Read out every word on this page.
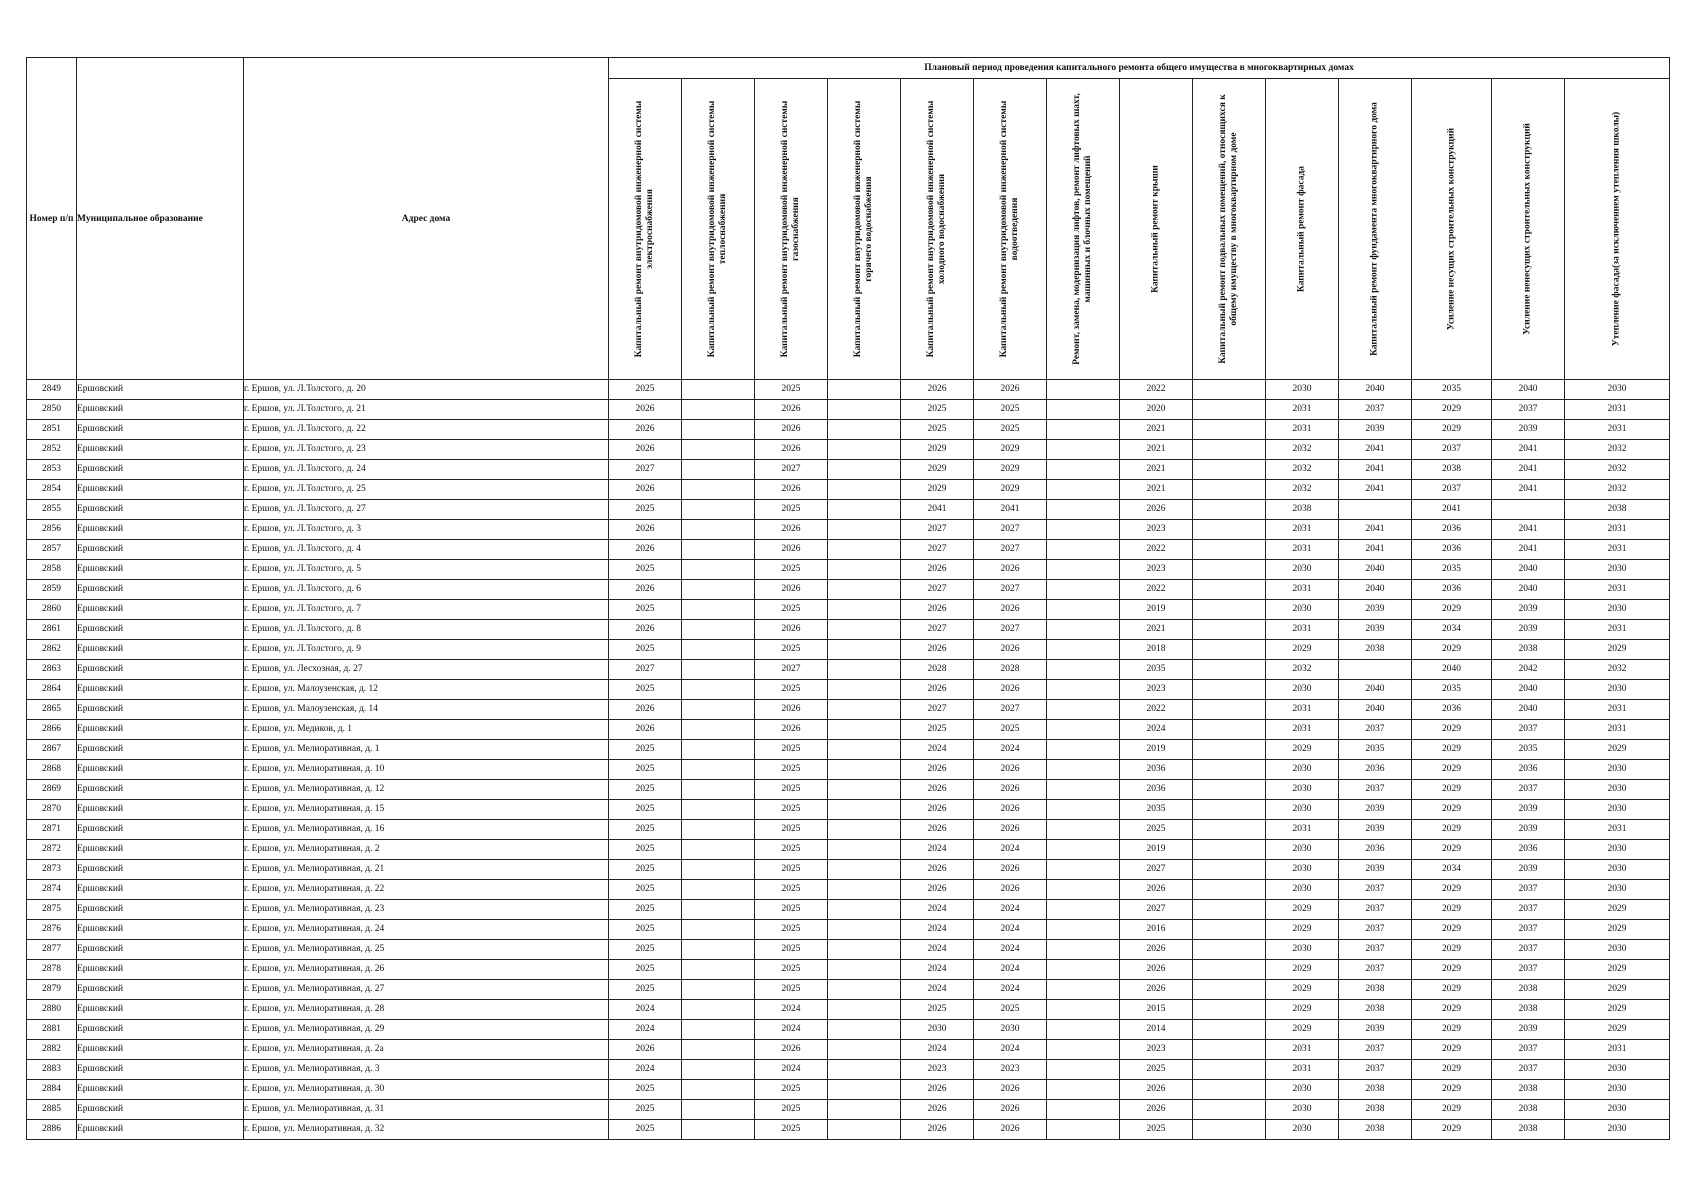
Номер п/п	Муниципальное образование	Адрес дома	Плановый период проведения капитального ремонта общего имущества в многоквартирных домах													

			Капитальный ремонт внутридомовой инженерной системы электроснабжения	Капитальный ремонт внутридомовой инженерной системы теплоснабжения	Капитальный ремонт внутридомовой инженерной системы газоснабжения	Капитальный ремонт внутридомовой инженерной системы горячего водоснабжения	Капитальный ремонт внутридомовой инженерной системы холодного водоснабжения	Капитальный ремонт внутридомовой инженерной системы водоотведения	Ремонт, замена, модернизация лифтов, ремонт лифтовых шахт, машинных и блочных помещений	Капитальный ремонт крыши	Капитальный ремонт подвальных помещений, относящихся к общему имуществу в многоквартирном доме	Капитальный ремонт фасада	Капитальный ремонт фундамента многоквартирного дома	Усиление несущих строительных конструкций	Усиление ненесущих строительных конструкций	Утепление фасада(за исключением утепления школы)

2849	Ершовский	г. Ершов, ул. Л.Толстого, д. 20	2025		2025		2026	2026		2022		2030	2040	2035	2040	2030
2850	Ершовский	г. Ершов, ул. Л.Толстого, д. 21	2026		2026		2025	2025		2020		2031	2037	2029	2037	2031
2851	Ершовский	г. Ершов, ул. Л.Толстого, д. 22	2026		2026		2025	2025		2021		2031	2039	2029	2039	2031
2852	Ершовский	г. Ершов, ул. Л.Толстого, д. 23	2026		2026		2029	2029		2021		2032	2041	2037	2041	2032
2853	Ершовский	г. Ершов, ул. Л.Толстого, д. 24	2027		2027		2029	2029		2021		2032	2041	2038	2041	2032
2854	Ершовский	г. Ершов, ул. Л.Толстого, д. 25	2026		2026		2029	2029		2021		2032	2041	2037	2041	2032
2855	Ершовский	г. Ершов, ул. Л.Толстого, д. 27	2025		2025		2041	2041		2026		2038		2041		2038
2856	Ершовский	г. Ершов, ул. Л.Толстого, д. 3	2026		2026		2027	2027		2023		2031	2041	2036	2041	2031
2857	Ершовский	г. Ершов, ул. Л.Толстого, д. 4	2026		2026		2027	2027		2022		2031	2041	2036	2041	2031
2858	Ершовский	г. Ершов, ул. Л.Толстого, д. 5	2025		2025		2026	2026		2023		2030	2040	2035	2040	2030
2859	Ершовский	г. Ершов, ул. Л.Толстого, д. 6	2026		2026		2027	2027		2022		2031	2040	2036	2040	2031
2860	Ершовский	г. Ершов, ул. Л.Толстого, д. 7	2025		2025		2026	2026		2019		2030	2039	2029	2039	2030
2861	Ершовский	г. Ершов, ул. Л.Толстого, д. 8	2026		2026		2027	2027		2021		2031	2039	2034	2039	2031
2862	Ершовский	г. Ершов, ул. Л.Толстого, д. 9	2025		2025		2026	2026		2018		2029	2038	2029	2038	2029
2863	Ершовский	г. Ершов, ул. Лесхозная, д. 27	2027		2027		2028	2028		2035		2032		2040	2042	2032
2864	Ершовский	г. Ершов, ул. Малоузенская, д. 12	2025		2025		2026	2026		2023		2030	2040	2035	2040	2030
2865	Ершовский	г. Ершов, ул. Малоузенская, д. 14	2026		2026		2027	2027		2022		2031	2040	2036	2040	2031
2866	Ершовский	г. Ершов, ул. Медиков, д. 1	2026		2026		2025	2025		2024		2031	2037	2029	2037	2031
2867	Ершовский	г. Ершов, ул. Мелиоративная, д. 1	2025		2025		2024	2024		2019		2029	2035	2029	2035	2029
2868	Ершовский	г. Ершов, ул. Мелиоративная, д. 10	2025		2025		2026	2026		2036		2030	2036	2029	2036	2030
2869	Ершовский	г. Ершов, ул. Мелиоративная, д. 12	2025		2025		2026	2026		2036		2030	2037	2029	2037	2030
2870	Ершовский	г. Ершов, ул. Мелиоративная, д. 15	2025		2025		2026	2026		2035		2030	2039	2029	2039	2030
2871	Ершовский	г. Ершов, ул. Мелиоративная, д. 16	2025		2025		2026	2026		2025		2031	2039	2029	2039	2031
2872	Ершовский	г. Ершов, ул. Мелиоративная, д. 2	2025		2025		2024	2024		2019		2030	2036	2029	2036	2030
2873	Ершовский	г. Ершов, ул. Мелиоративная, д. 21	2025		2025		2026	2026		2027		2030	2039	2034	2039	2030
2874	Ершовский	г. Ершов, ул. Мелиоративная, д. 22	2025		2025		2026	2026		2026		2030	2037	2029	2037	2030
2875	Ершовский	г. Ершов, ул. Мелиоративная, д. 23	2025		2025		2024	2024		2027		2029	2037	2029	2037	2029
2876	Ершовский	г. Ершов, ул. Мелиоративная, д. 24	2025		2025		2024	2024		2016		2029	2037	2029	2037	2029
2877	Ершовский	г. Ершов, ул. Мелиоративная, д. 25	2025		2025		2024	2024		2026		2030	2037	2029	2037	2030
2878	Ершовский	г. Ершов, ул. Мелиоративная, д. 26	2025		2025		2024	2024		2026		2029	2037	2029	2037	2029
2879	Ершовский	г. Ершов, ул. Мелиоративная, д. 27	2025		2025		2024	2024		2026		2029	2038	2029	2038	2029
2880	Ершовский	г. Ершов, ул. Мелиоративная, д. 28	2024		2024		2025	2025		2015		2029	2038	2029	2038	2029
2881	Ершовский	г. Ершов, ул. Мелиоративная, д. 29	2024		2024		2030	2030		2014		2029	2039	2029	2039	2029
2882	Ершовский	г. Ершов, ул. Мелиоративная, д. 2а	2026		2026		2024	2024		2023		2031	2037	2029	2037	2031
2883	Ершовский	г. Ершов, ул. Мелиоративная, д. 3	2024		2024		2023	2023		2025		2031	2037	2029	2037	2030
2884	Ершовский	г. Ершов, ул. Мелиоративная, д. 30	2025		2025		2026	2026		2026		2030	2038	2029	2038	2030
2885	Ершовский	г. Ершов, ул. Мелиоративная, д. 31	2025		2025		2026	2026		2026		2030	2038	2029	2038	2030
2886	Ершовский	г. Ершов, ул. Мелиоративная, д. 32	2025		2025		2026	2026		2025		2030	2038	2029	2038	2030
